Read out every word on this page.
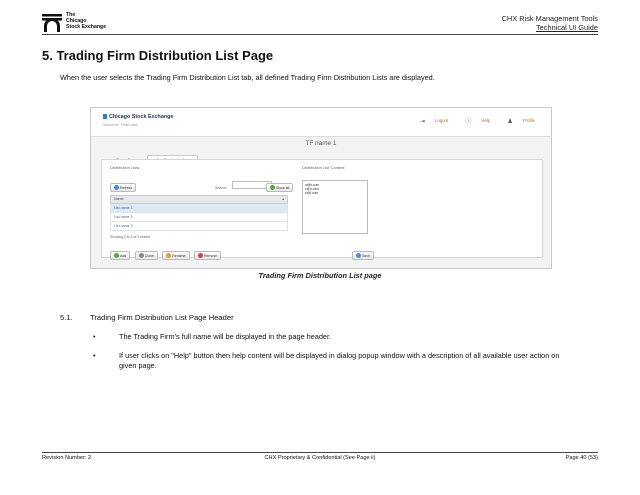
The
Chicago
Stock Exchange
CHX Risk Management Tools
Technical UI Guide
5. Trading Firm Distribution List Page
When the user selects the Trading Firm Distribution List tab, all defined Trading Firm Distribution Lists are displayed.
Chicago Stock Exchange
Welcome, FirstLast5	⇥ Logout	ⓘ Help	♟ Profile
TF name 1

Distribution Lists
Refresh	Search:	Show all
Name	▴
List name 1
List name 5
List name 3
Showing 1 to 3 of 3 entries
Add	Clone	Rename	Remove
Distribution List Content
a@b.com
c@d.com
e@f.com
Save
Trading Firm Distribution List page
5.1. Trading Firm Distribution List Page Header
•	The Trading Firm’s full name will be displayed in the page header.
•	If user clicks on "Help" button then help content will be displayed in dialog popup window with a description of all available user action on given page.
Revision Number: 2	CHX Proprietary & Confidential (See Page ii)	Page 40 (53)
